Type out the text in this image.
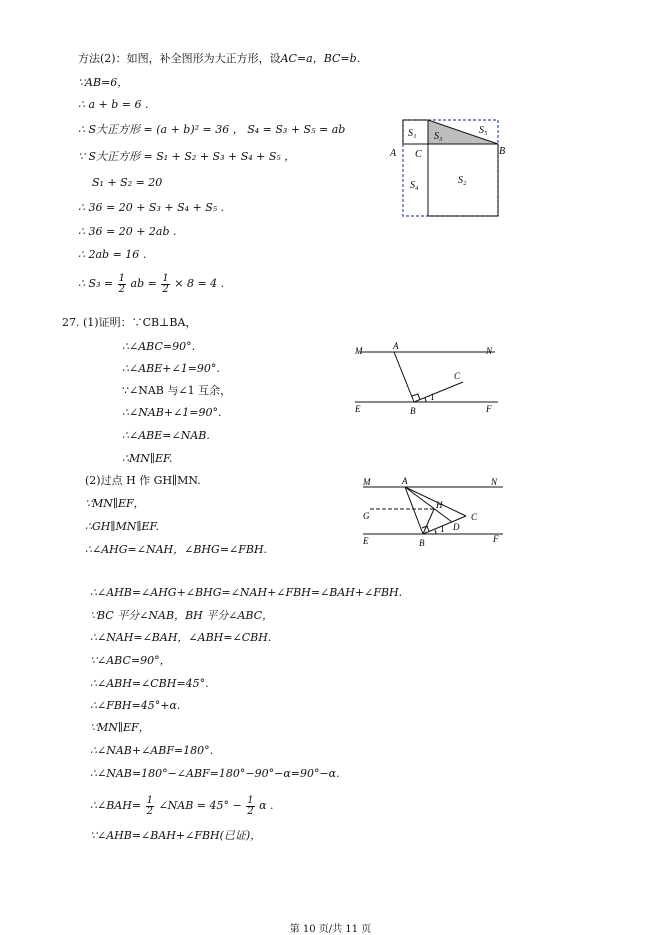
方法(2)：如图，补全图形为大正方形，设AC=a，BC=b.
∵AB=6，
∴ a + b = 6 .
∴ S大正方形 = (a + b)² = 36 ， S₄ = S₃ + S₅ = ab
∵ S大正方形 = S₁ + S₂ + S₃ + S₄ + S₅ ，
S₁ + S₂ = 20
∴ 36 = 20 + S₃ + S₄ + S₅ .
∴ 36 = 20 + 2ab .
∴ 2ab = 16 .
∴ $S_3 = \frac{1}{2}$ ab = $\frac{1}{2} \times 8 = 4$ .
S₁ S₃
S₅
S₄	S₂
A C	B
27. (1)证明：∵CB⊥BA，
∴∠ABC=90°.
∴∠ABE+∠1=90°.
∵∠NAB 与∠1 互余，
∴∠NAB+∠1=90°.
∴∠ABE=∠NAB.
∴MN∥EF.
M	A	N
C
1
E	B	F
(2)过点 H 作 GH∥MN.
∵MN∥EF，
∴GH∥MN∥EF.
∴∠AHG=∠NAH，∠BHG=∠FBH.
M	A	N
H
G	C
D
1
E	B	F
∴∠AHB=∠AHG+∠BHG=∠NAH+∠FBH=∠BAH+∠FBH.
∵BC 平分∠NAB，BH 平分∠ABC，
∴∠NAH=∠BAH，∠ABH=∠CBH.
∵∠ABC=90°，
∴∠ABH=∠CBH=45°.
∴∠FBH=45°+α.
∵MN∥EF，
∴∠NAB+∠ABF=180°.
∴∠NAB=180°−∠ABF=180°−90°−α=90°−α.
∴∠BAH= $\frac{1}{2}$ ∠NAB = $45^\circ - \frac{1}{2}$ α .
∵∠AHB=∠BAH+∠FBH(已证)，
第 10 页/共 11 页
